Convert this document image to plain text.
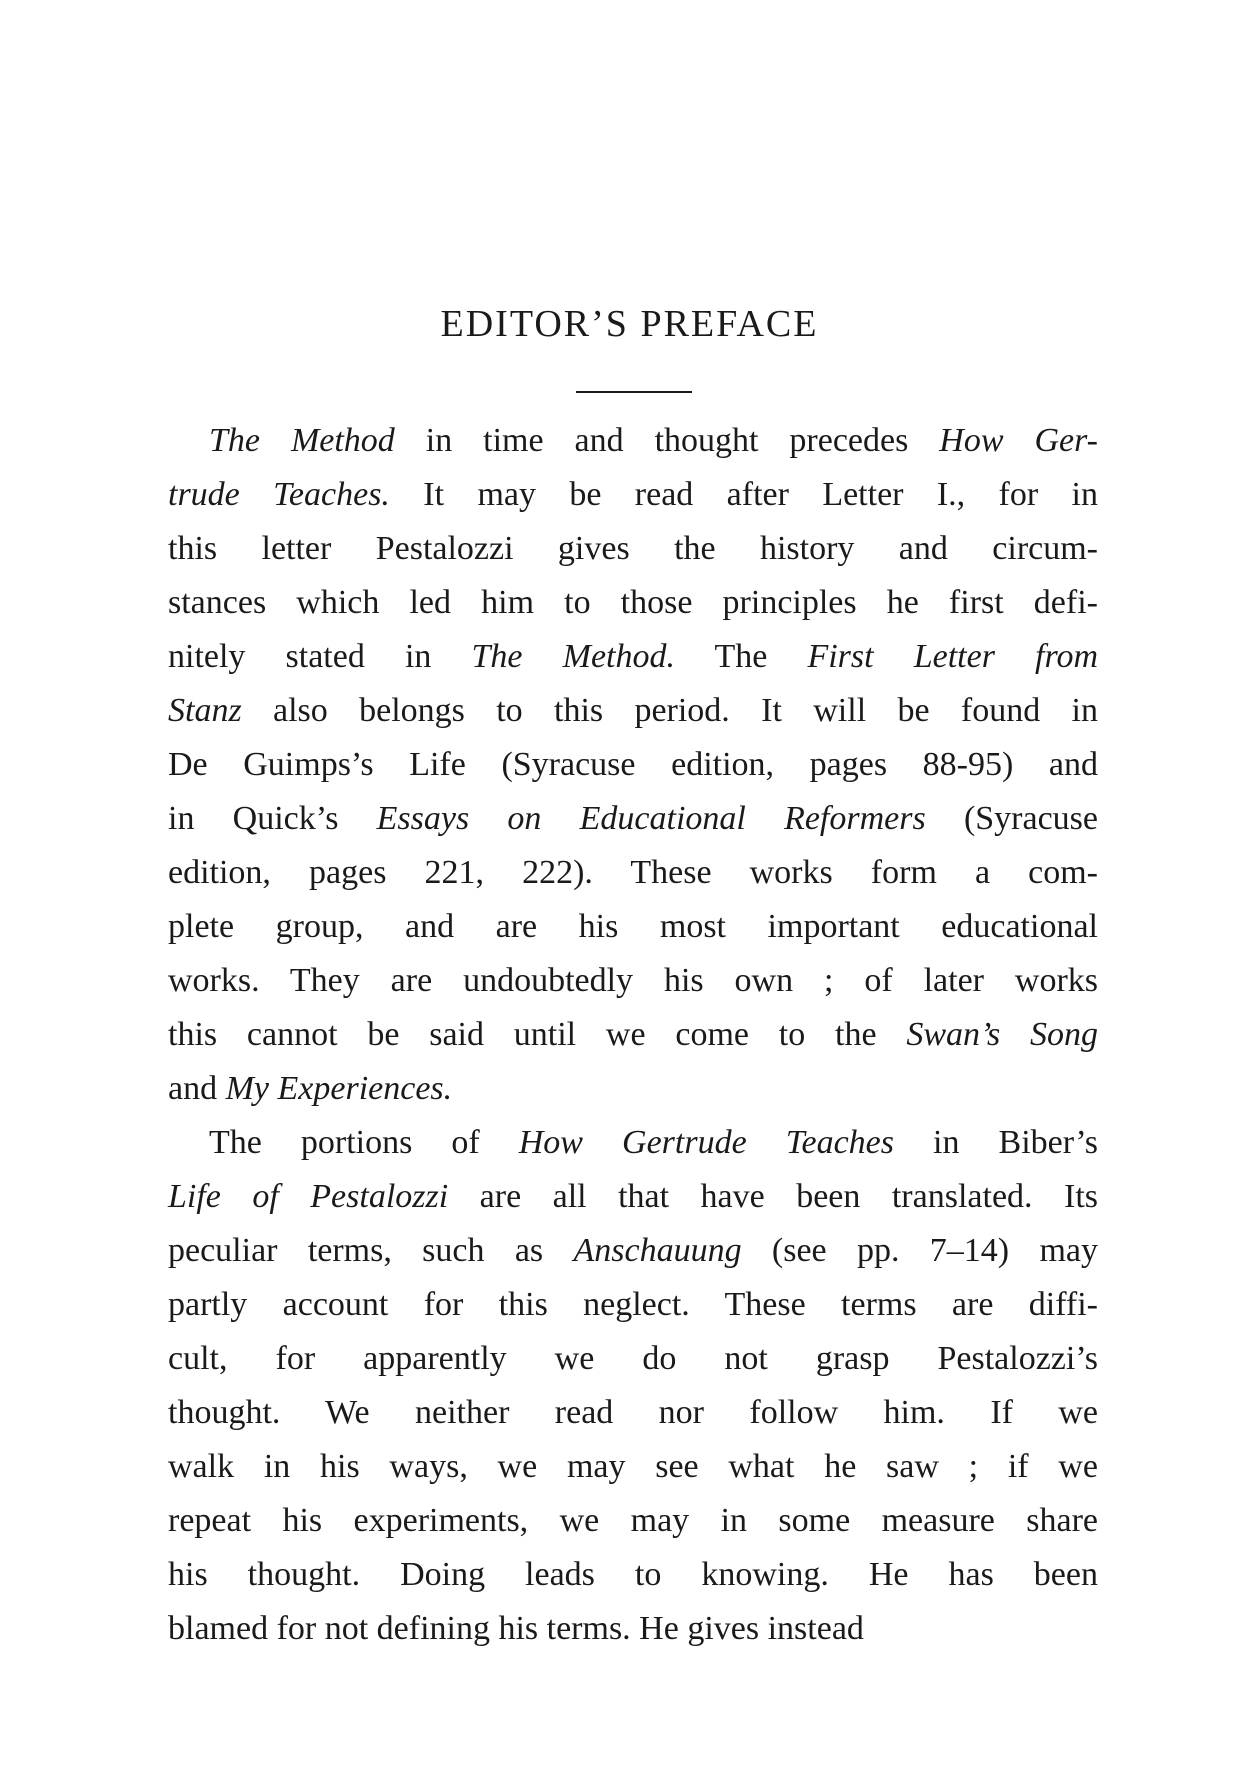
EDITOR’S PREFACE
The Method in time and thought precedes How Ger-
trude Teaches. It may be read after Letter I., for in
this letter Pestalozzi gives the history and circum-
stances which led him to those principles he first defi-
nitely stated in The Method. The First Letter from
Stanz also belongs to this period. It will be found in
De Guimps’s Life (Syracuse edition, pages 88-95) and
in Quick’s Essays on Educational Reformers (Syracuse
edition, pages 221, 222). These works form a com-
plete group, and are his most important educational
works. They are undoubtedly his own ; of later works
this cannot be said until we come to the Swan’s Song
and My Experiences.
The portions of How Gertrude Teaches in Biber’s
Life of Pestalozzi are all that have been translated. Its
peculiar terms, such as Anschauung (see pp. 7–14) may
partly account for this neglect. These terms are diffi-
cult, for apparently we do not grasp Pestalozzi’s
thought. We neither read nor follow him. If we
walk in his ways, we may see what he saw ; if we
repeat his experiments, we may in some measure share
his thought. Doing leads to knowing. He has been
blamed for not defining his terms. He gives instead
